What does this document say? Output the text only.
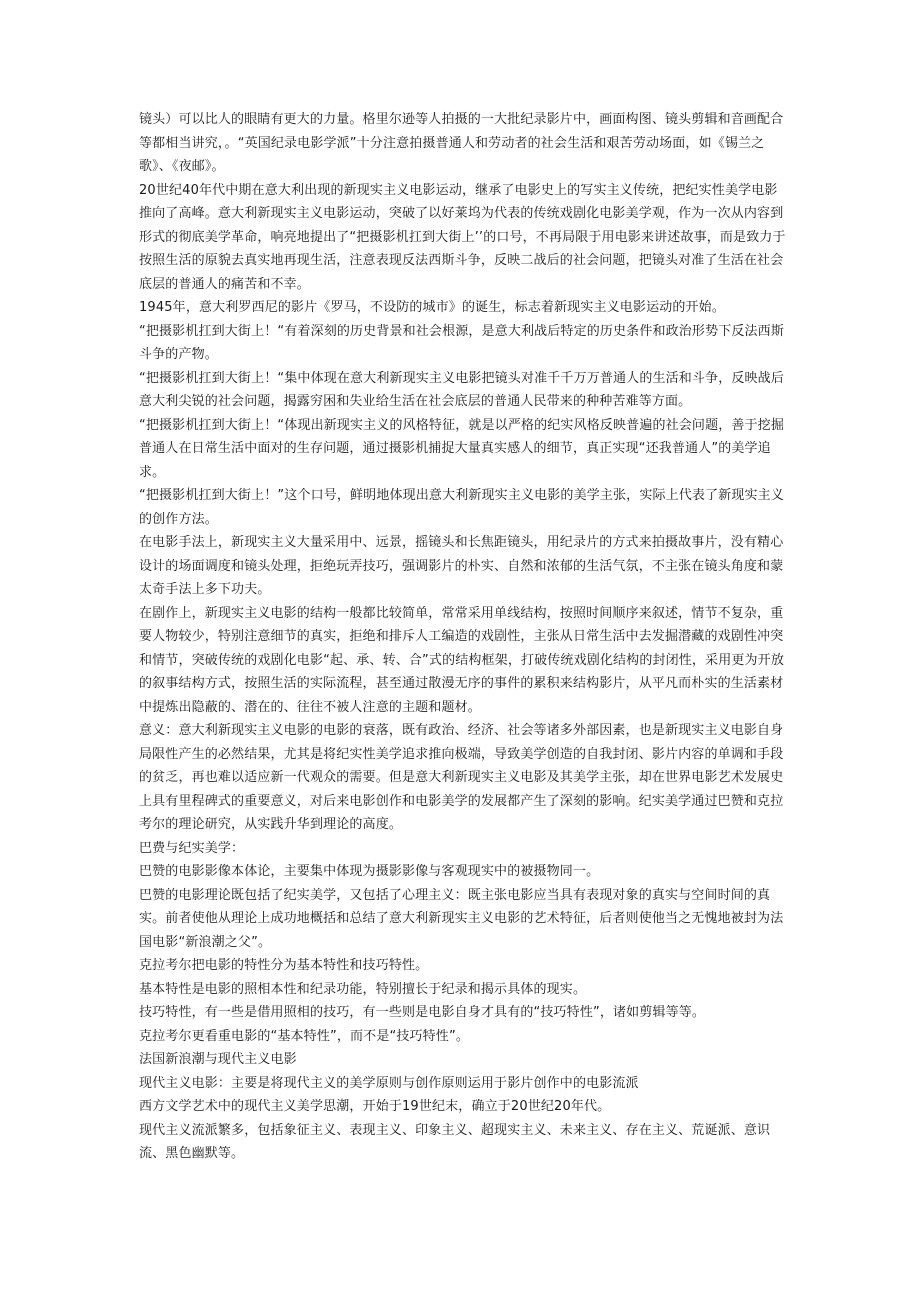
镜头）可以比人的眼睛有更大的力量。格里尔逊等人拍摄的一大批纪录影片中，画面构图、镜头剪辑和音画配合等都相当讲究，。“英国纪录电影学派”十分注意拍摄普通人和劳动者的社会生活和艰苦劳动场面，如《锡兰之歌》、《夜邮》。

20世纪40年代中期在意大利出现的新现实主义电影运动，继承了电影史上的写实主义传统，把纪实性美学电影推向了高峰。意大利新现实主义电影运动，突破了以好莱坞为代表的传统戏剧化电影美学观，作为一次从内容到形式的彻底美学革命，响亮地提出了“把摄影机扛到大街上’’的口号，不再局限于用电影来讲述故事，而是致力于按照生活的原貌去真实地再现生活，注意表现反法西斯斗争，反映二战后的社会问题，把镜头对准了生活在社会底层的普通人的痛苦和不幸。

1945年，意大利罗西尼的影片《罗马，不设防的城市》的诞生，标志着新现实主义电影运动的开始。

“把摄影机扛到大街上！“有着深刻的历史背景和社会根源，是意大利战后特定的历史条件和政治形势下反法西斯斗争的产物。

“把摄影机扛到大街上！“集中体现在意大利新现实主义电影把镜头对准千千万万普通人的生活和斗争，反映战后意大利尖锐的社会问题，揭露穷困和失业给生活在社会底层的普通人民带来的种种苦难等方面。

“把摄影机扛到大街上！“体现出新现实主义的风格特征，就是以严格的纪实风格反映普遍的社会问题，善于挖掘普通人在日常生活中面对的生存问题，通过摄影机捕捉大量真实感人的细节，真正实现“还我普通人”的美学追求。

“把摄影机扛到大街上！”这个口号，鲜明地体现出意大利新现实主义电影的美学主张，实际上代表了新现实主义的创作方法。

在电影手法上，新现实主义大量采用中、远景，摇镜头和长焦距镜头，用纪录片的方式来拍摄故事片，没有精心设计的场面调度和镜头处理，拒绝玩弄技巧，强调影片的朴实、自然和浓郁的生活气氛，不主张在镜头角度和蒙太奇手法上多下功夫。

在剧作上，新现实主义电影的结构一般都比较简单，常常采用单线结构，按照时间顺序来叙述，情节不复杂，重要人物较少，特别注意细节的真实，拒绝和排斥人工编造的戏剧性，主张从日常生活中去发掘潜藏的戏剧性冲突和情节，突破传统的戏剧化电影“起、承、转、合”式的结构框架，打破传统戏剧化结构的封闭性，采用更为开放的叙事结构方式，按照生活的实际流程，甚至通过散漫无序的事件的累积来结构影片，从平凡而朴实的生活素材中提炼出隐蔽的、潜在的、往往不被人注意的主题和题材。

意义：意大利新现实主义电影的电影的衰落，既有政治、经济、社会等诸多外部因素，也是新现实主义电影自身局限性产生的必然结果，尤其是将纪实性美学追求推向极端，导致美学创造的自我封闭、影片内容的单调和手段的贫乏，再也难以适应新一代观众的需要。但是意大利新现实主义电影及其美学主张，却在世界电影艺术发展史上具有里程碑式的重要意义，对后来电影创作和电影美学的发展都产生了深刻的影响。纪实美学通过巴赞和克拉考尔的理论研究，从实践升华到理论的高度。

巴费与纪实美学：

巴赞的电影影像本体论，主要集中体现为摄影影像与客观现实中的被摄物同一。

巴赞的电影理论既包括了纪实美学，又包括了心理主义：既主张电影应当具有表现对象的真实与空间时间的真实。前者使他从理论上成功地概括和总结了意大利新现实主义电影的艺术特征，后者则使他当之无愧地被封为法国电影“新浪潮之父”。

克拉考尔把电影的特性分为基本特性和技巧特性。

基本特性是电影的照相本性和纪录功能，特别擅长于纪录和揭示具体的现实。

技巧特性，有一些是借用照相的技巧，有一些则是电影自身才具有的“技巧特性”，诸如剪辑等等。

克拉考尔更看重电影的“基本特性”，而不是“技巧特性”。

法国新浪潮与现代主义电影

现代主义电影：主要是将现代主义的美学原则与创作原则运用于影片创作中的电影流派

西方文学艺术中的现代主义美学思潮，开始于19世纪末，确立于20世纪20年代。

现代主义流派繁多，包括象征主义、表现主义、印象主义、超现实主义、未来主义、存在主义、荒诞派、意识流、黑色幽默等。
